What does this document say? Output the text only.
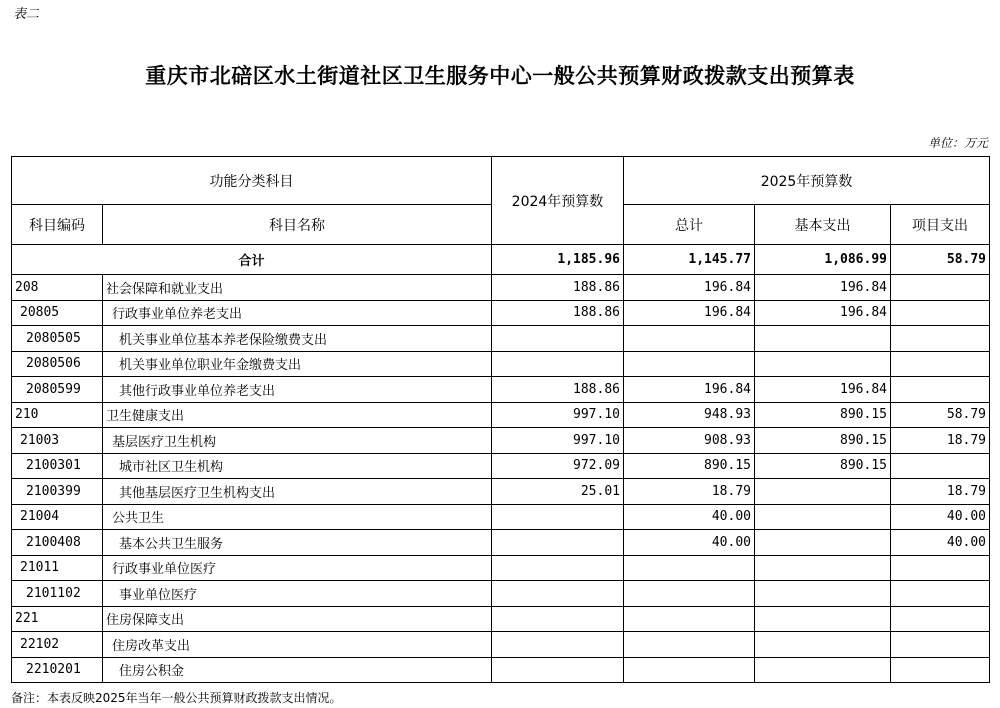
表二
重庆市北碚区水土街道社区卫生服务中心一般公共预算财政拨款支出预算表
单位：万元
功能分类科目		2024年预算数	2025年预算数		
科目编码	科目名称		总计	基本支出	项目支出
合计		1,185.96	1,145.77	1,086.99	58.79
208	社会保障和就业支出	188.86	196.84	196.84	
20805	行政事业单位养老支出	188.86	196.84	196.84	
2080505	机关事业单位基本养老保险缴费支出				
2080506	机关事业单位职业年金缴费支出				
2080599	其他行政事业单位养老支出	188.86	196.84	196.84	
210	卫生健康支出	997.10	948.93	890.15	58.79
21003	基层医疗卫生机构	997.10	908.93	890.15	18.79
2100301	城市社区卫生机构	972.09	890.15	890.15	
2100399	其他基层医疗卫生机构支出	25.01	18.79		18.79
21004	公共卫生		40.00		40.00
2100408	基本公共卫生服务		40.00		40.00
21011	行政事业单位医疗				
2101102	事业单位医疗				
221	住房保障支出				
22102	住房改革支出				
2210201	住房公积金				
备注：本表反映2025年当年一般公共预算财政拨款支出情况。
